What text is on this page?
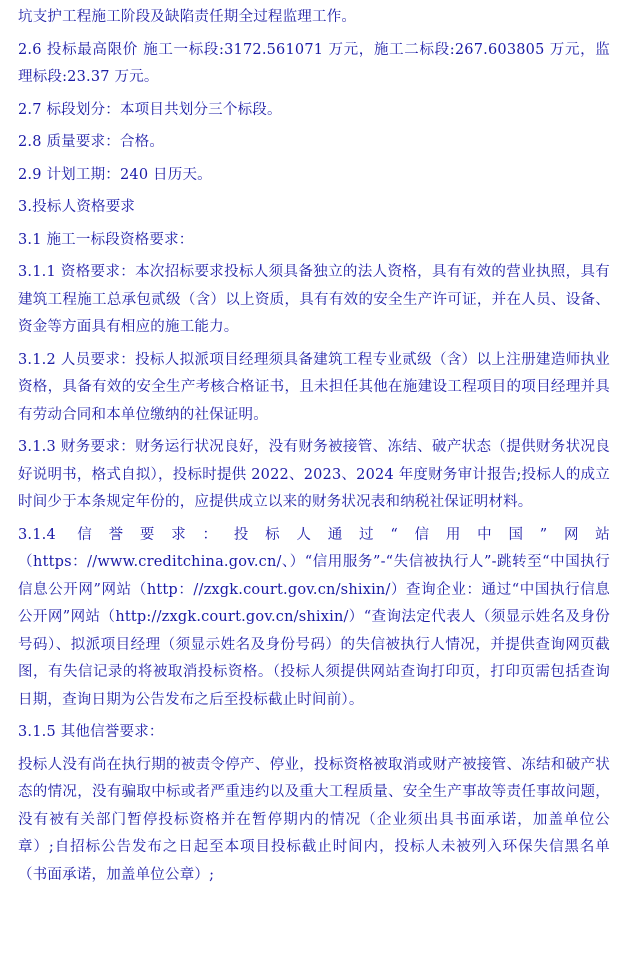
坑支护工程施工阶段及缺陷责任期全过程监理工作。

2.6 投标最高限价 施工一标段:3172.561071 万元，施工二标段:267.603805 万元，监理标段:23.37 万元。

2.7 标段划分：本项目共划分三个标段。

2.8 质量要求：合格。

2.9 计划工期：240 日历天。

3.投标人资格要求

3.1 施工一标段资格要求：

3.1.1 资格要求：本次招标要求投标人须具备独立的法人资格，具有有效的营业执照，具有建筑工程施工总承包贰级（含）以上资质，具有有效的安全生产许可证，并在人员、设备、资金等方面具有相应的施工能力。

3.1.2 人员要求：投标人拟派项目经理须具备建筑工程专业贰级（含）以上注册建造师执业资格，具备有效的安全生产考核合格证书，且未担任其他在施建设工程项目的项目经理并具有劳动合同和本单位缴纳的社保证明。

3.1.3 财务要求：财务运行状况良好，没有财务被接管、冻结、破产状态（提供财务状况良好说明书，格式自拟），投标时提供 2022、2023、2024 年度财务审计报告;投标人的成立时间少于本条规定年份的，应提供成立以来的财务状况表和纳税社保证明材料。

3.1.4 信誉要求：投标人通过“信用中国”网站（https：//www.creditchina.gov.cn/、）“信用服务”-“失信被执行人”-跳转至“中国执行信息公开网”网站（http：//zxgk.court.gov.cn/shixin/）查询企业：通过“中国执行信息公开网”网站（http://zxgk.court.gov.cn/shixin/）“查询法定代表人（须显示姓名及身份号码）、拟派项目经理（须显示姓名及身份号码）的失信被执行人情况，并提供查询网页截图，有失信记录的将被取消投标资格。（投标人须提供网站查询打印页，打印页需包括查询日期，查询日期为公告发布之后至投标截止时间前）。

3.1.5 其他信誉要求：

投标人没有尚在执行期的被责令停产、停业，投标资格被取消或财产被接管、冻结和破产状态的情况，没有骗取中标或者严重违约以及重大工程质量、安全生产事故等责任事故问题，没有被有关部门暂停投标资格并在暂停期内的情况（企业须出具书面承诺，加盖单位公章）;自招标公告发布之日起至本项目投标截止时间内，投标人未被列入环保失信黑名单（书面承诺，加盖单位公章）;
